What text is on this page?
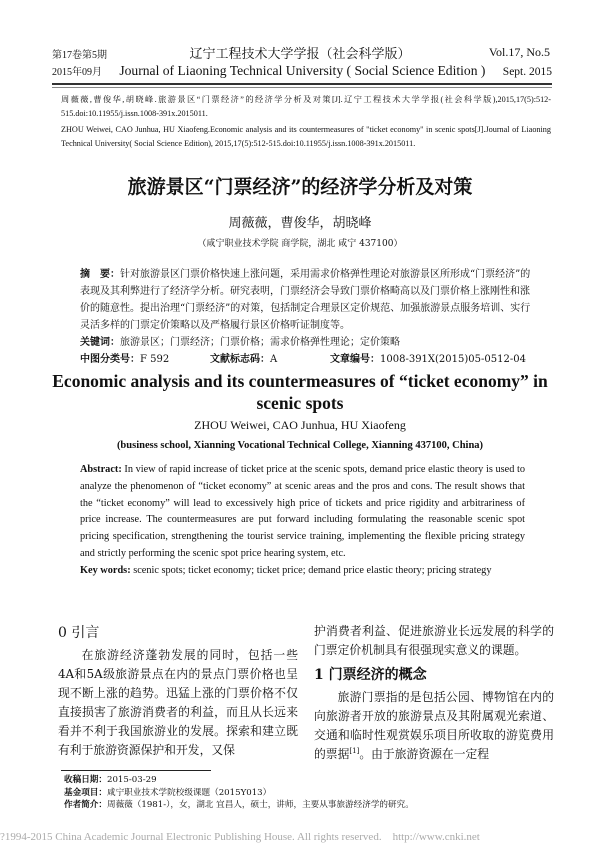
第17卷第5期	辽宁工程技术大学学报（社会科学版）	Vol.17, No.5
2015年09月 Journal of Liaoning Technical University ( Social Science Edition ) Sept. 2015
周薇薇,曹俊华,胡晓峰.旅游景区“门票经济”的经济学分析及对策[J].辽宁工程技术大学学报(社会科学版),2015,17(5):512-515.doi:10.11955/j.issn.1008-391x.2015011.
ZHOU Weiwei, CAO Junhua, HU Xiaofeng.Economic analysis and its countermeasures of "ticket economy" in scenic spots[J].Journal of Liaoning Technical University( Social Science Edition), 2015,17(5):512-515.doi:10.11955/j.issn.1008-391x.2015011.
旅游景区“门票经济”的经济学分析及对策
周薇薇，曹俊华，胡晓峰
（咸宁职业技术学院 商学院，湖北 咸宁 437100）
摘　要：针对旅游景区门票价格快速上涨问题，采用需求价格弹性理论对旅游景区所形成“门票经济”的表现及其利弊进行了经济学分析。研究表明，门票经济会导致门票价格畸高以及门票价格上涨刚性和涨价的随意性。提出治理“门票经济”的对策，包括制定合理景区定价规范、加强旅游景点服务培训、实行灵活多样的门票定价策略以及严格履行景区价格听证制度等。
关键词：旅游景区；门票经济；门票价格；需求价格弹性理论；定价策略
中图分类号：F 592	文献标志码：A	文章编号：1008-391X(2015)05-0512-04
Economic analysis and its countermeasures of “ticket economy” in scenic spots
ZHOU Weiwei, CAO Junhua, HU Xiaofeng
(business school, Xianning Vocational Technical College, Xianning 437100, China)
Abstract: In view of rapid increase of ticket price at the scenic spots, demand price elastic theory is used to analyze the phenomenon of “ticket economy” at scenic areas and the pros and cons. The result shows that the “ticket economy” will lead to excessively high price of tickets and price rigidity and arbitrariness of price increase. The countermeasures are put forward including formulating the reasonable scenic spot pricing specification, strengthening the tourist service training, implementing the flexible pricing strategy and strictly performing the scenic spot price hearing system, etc.
Key words: scenic spots; ticket economy; ticket price; demand price elastic theory; pricing strategy
0 引言

在旅游经济蓬勃发展的同时，包括一些4A和5A级旅游景点在内的景点门票价格也呈现不断上涨的趋势。迅猛上涨的门票价格不仅直接损害了旅游消费者的利益，而且从长远来看并不利于我国旅游业的发展。探索和建立既有利于旅游资源保护和开发，又保

护消费者利益、促进旅游业长远发展的科学的门票定价机制具有很强现实意义的课题。
1 门票经济的概念

旅游门票指的是包括公园、博物馆在内的向旅游者开放的旅游景点及其附属观光索道、交通和临时性观赏娱乐项目所收取的游览费用的票据[1]。由于旅游资源在一定程

收稿日期：2015-03-29
基金项目：咸宁职业技术学院校级课题（2015Y013）
作者简介：周薇薇（1981-），女，湖北 宜昌人，硕士，讲师，主要从事旅游经济学的研究。
?1994-2015 China Academic Journal Electronic Publishing House. All rights reserved.    http://www.cnki.net
